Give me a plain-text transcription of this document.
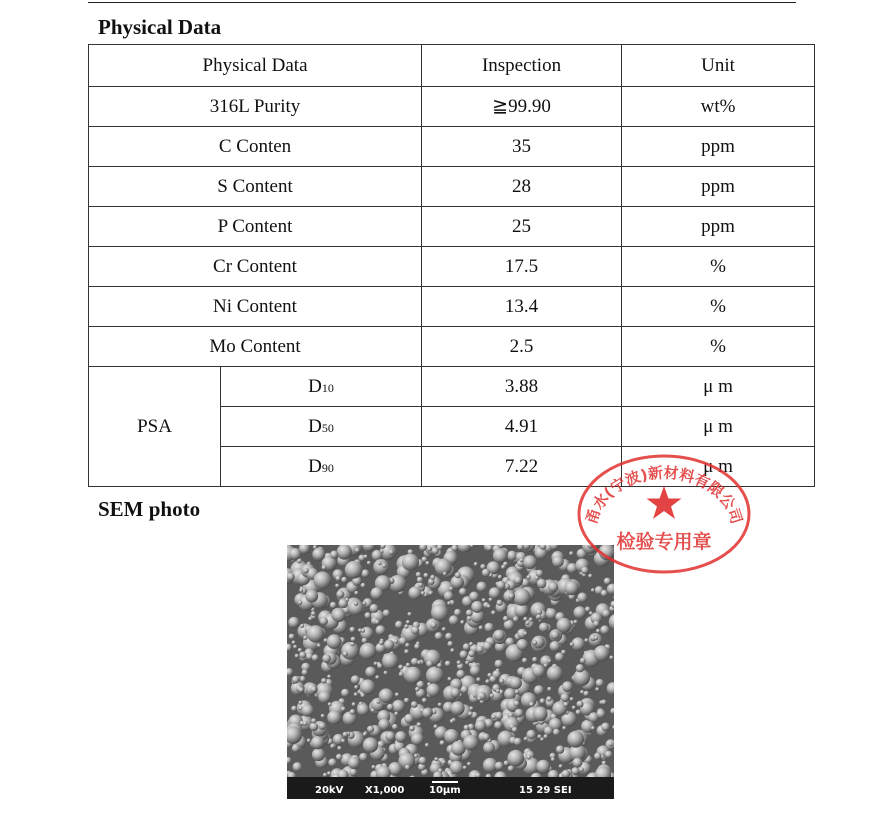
Physical Data
Physical Data		Inspection	Unit
316L Purity		≧99.90	wt%
C Conten		35	ppm
S Content		28	ppm
P Content		25	ppm
Cr Content		17.5	%
Ni Content		13.4	%
Mo Content		2.5	%
PSA	D10	3.88	μ m
	D50	4.91	μ m
	D90	7.22	μ m
SEM photo
20kV X1,000 10μm	15 29 SEI
甬水(宁波)新材料有限公司
检验专用章
